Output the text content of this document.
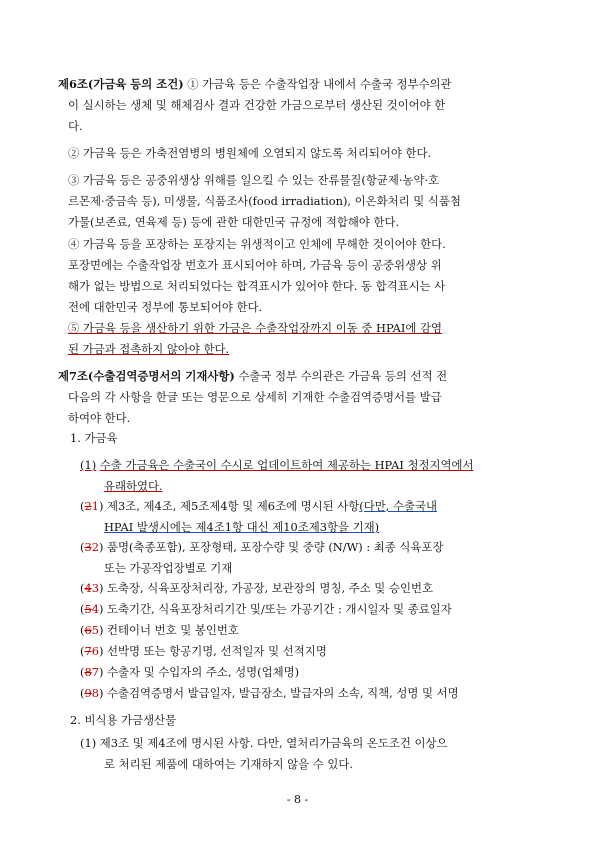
제6조(가금육 등의 조건) ① 가금육 등은 수출작업장 내에서 수출국 정부수의관
이 실시하는 생체 및 해체검사 결과 건강한 가금으로부터 생산된 것이어야 한
다.
② 가금육 등은 가축전염병의 병원체에 오염되지 않도록 처리되어야 한다.
③ 가금육 등은 공중위생상 위해를 일으킬 수 있는 잔류물질(항균제·농약·호
르몬제·중금속 등), 미생물, 식품조사(food irradiation), 이온화처리 및 식품첨
가물(보존료, 연육제 등) 등에 관한 대한민국 규정에 적합해야 한다.
④ 가금육 등을 포장하는 포장지는 위생적이고 인체에 무해한 것이어야 한다.
포장면에는 수출작업장 번호가 표시되어야 하며, 가금육 등이 공중위생상 위
해가 없는 방법으로 처리되었다는 합격표시가 있어야 한다. 동 합격표시는 사
전에 대한민국 정부에 통보되어야 한다.
⑤ 가금육 등을 생산하기 위한 가금은 수출작업장까지 이동 중 HPAI에 감염
된 가금과 접촉하지 않아야 한다.
제7조(수출검역증명서의 기재사항) 수출국 정부 수의관은 가금육 등의 선적 전
다음의 각 사항을 한글 또는 영문으로 상세히 기재한 수출검역증명서를 발급
하여야 한다.
1. 가금육
(1) 수출 가금육은 수출국이 수시로 업데이트하여 제공하는 HPAI 청정지역에서
유래하였다.
(21) 제3조, 제4조, 제5조제4항 및 제6조에 명시된 사항(다만, 수출국내
HPAI 발생시에는 제4조1항 대신 제10조제3항을 기재)
(32) 품명(축종포함), 포장형태, 포장수량 및 중량 (N/W) : 최종 식육포장
또는 가공작업장별로 기재
(43) 도축장, 식육포장처리장, 가공장, 보관장의 명칭, 주소 및 승인번호
(54) 도축기간, 식육포장처리기간 및/또는 가공기간 : 개시일자 및 종료일자
(65) 컨테이너 번호 및 봉인번호
(76) 선박명 또는 항공기명, 선적일자 및 선적지명
(87) 수출자 및 수입자의 주소, 성명(업체명)
(98) 수출검역증명서 발급일자, 발급장소, 발급자의 소속, 직책, 성명 및 서명
2. 비식용 가금생산물
(1) 제3조 및 제4조에 명시된 사항. 다만, 열처리가금육의 온도조건 이상으
로 처리된 제품에 대하여는 기재하지 않을 수 있다.
- 8 -
